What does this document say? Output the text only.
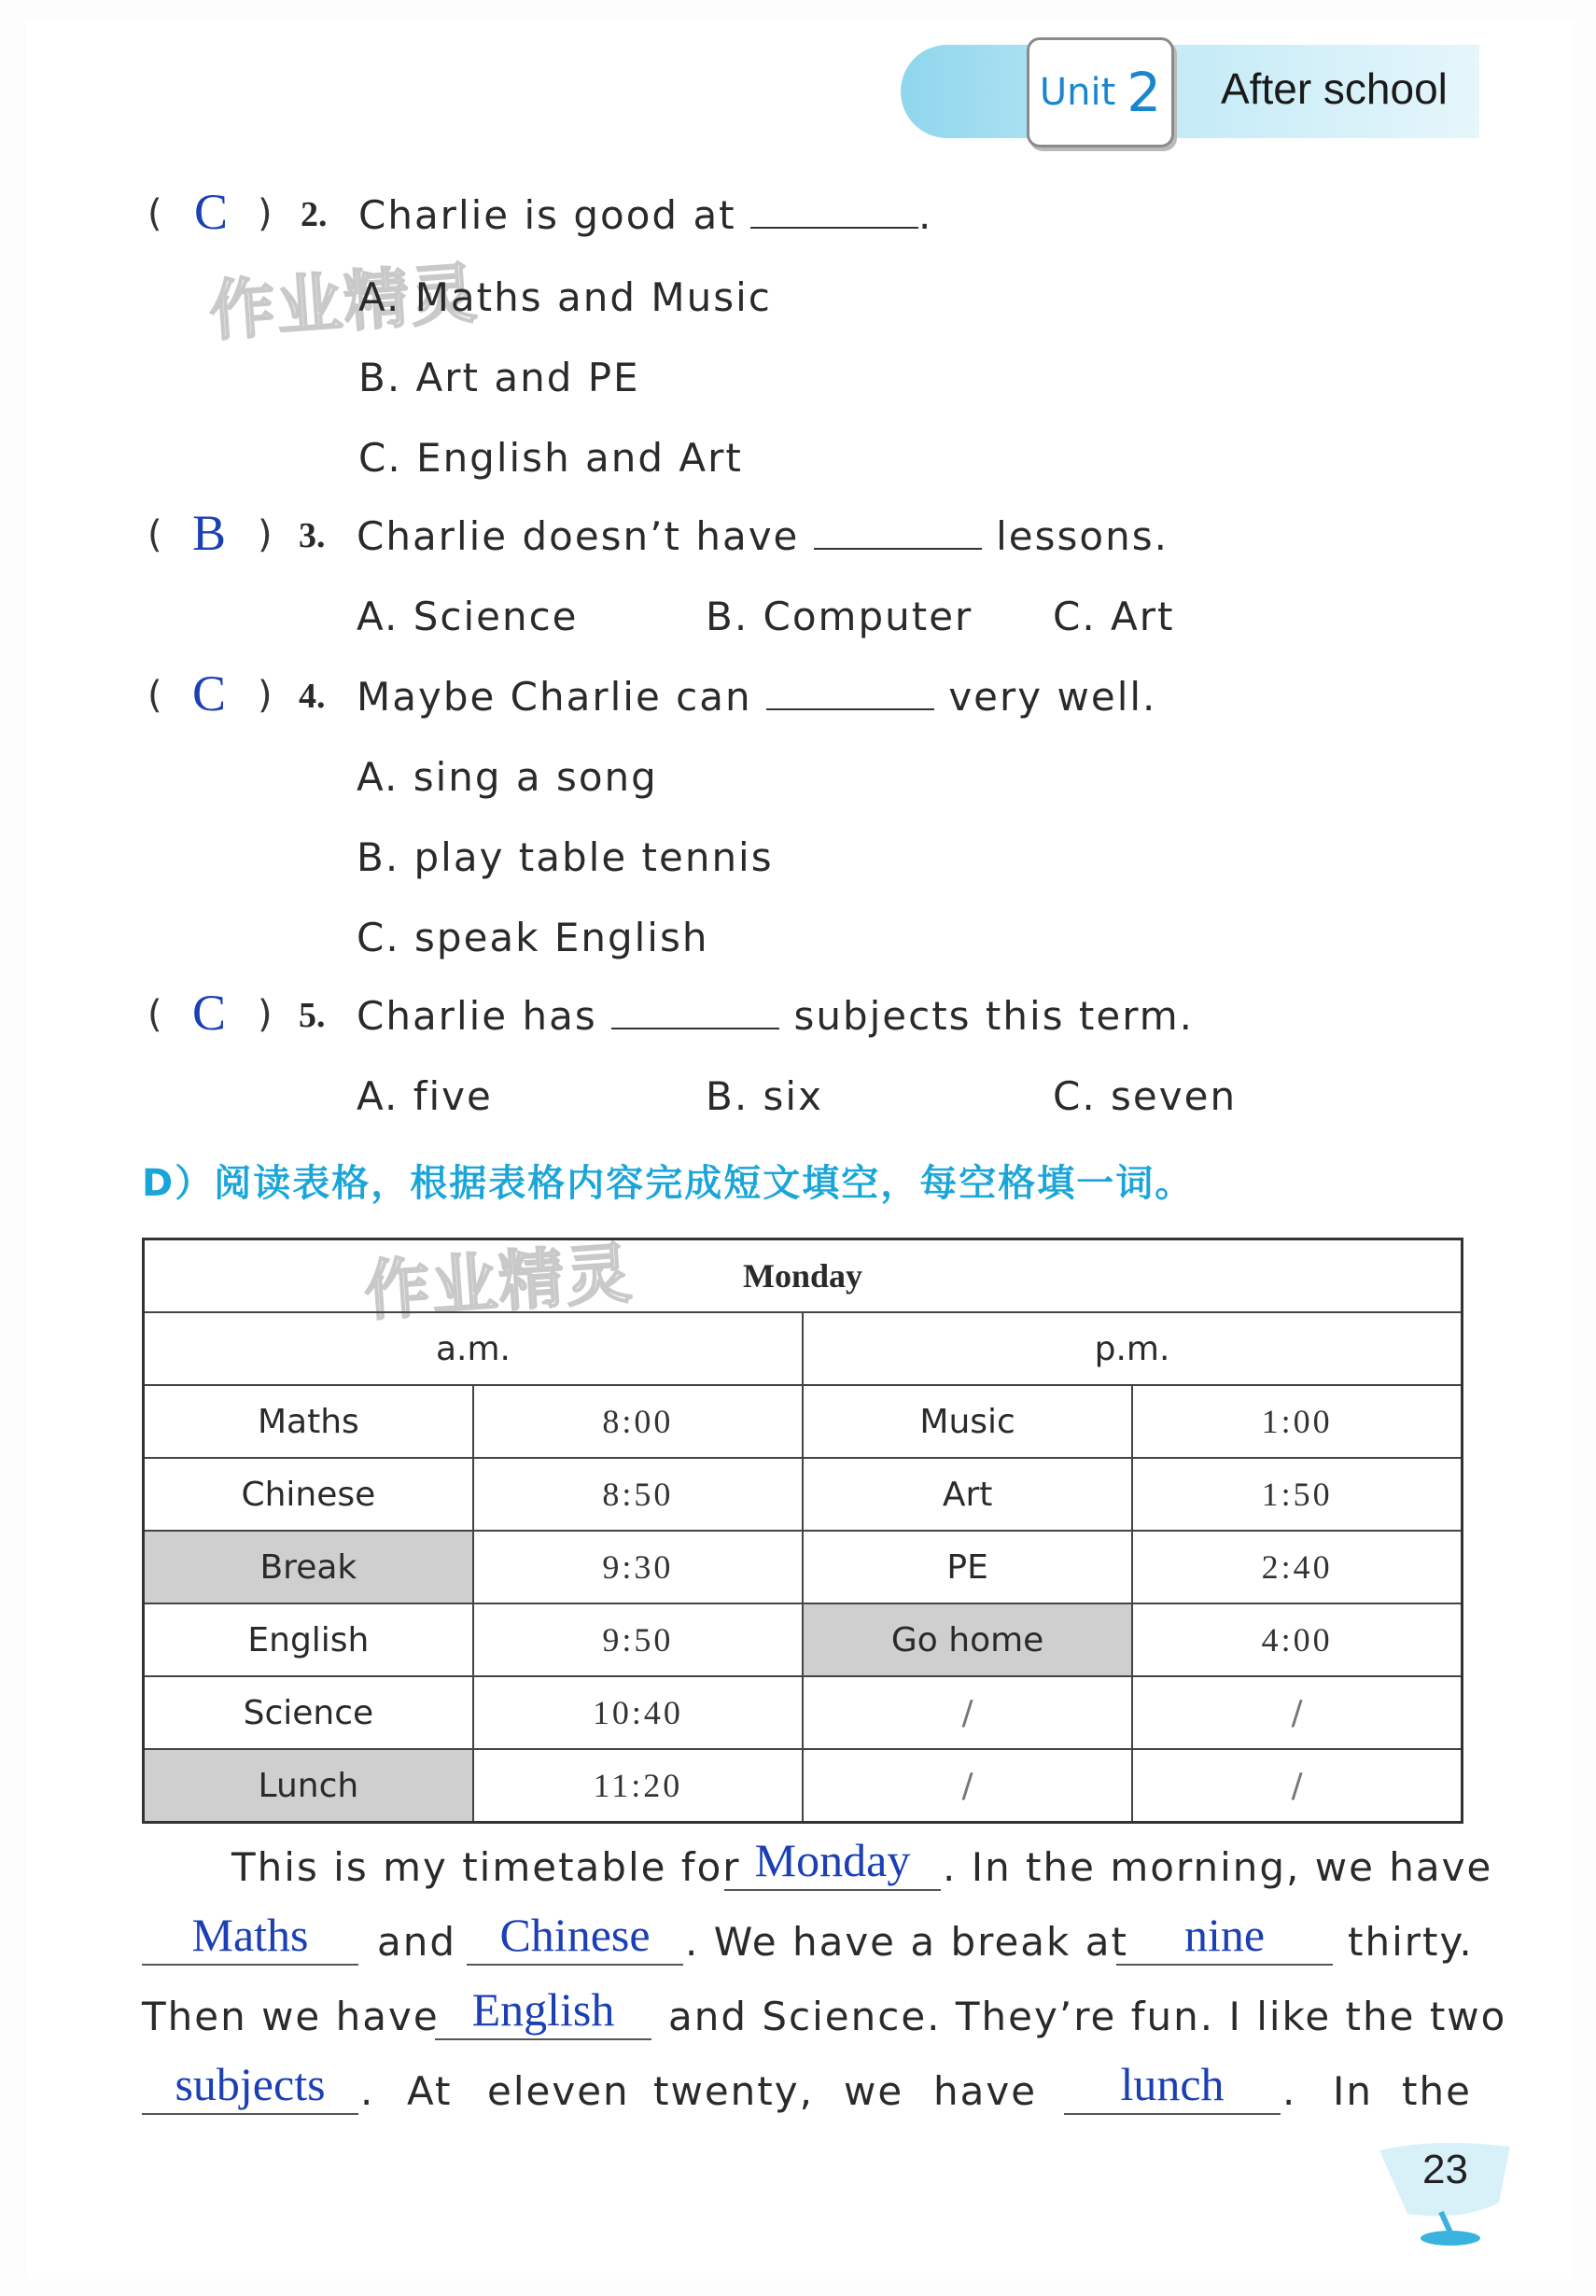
Unit 2 After school
作业精灵
作业精灵
( C ) 2. Charlie is good at	.
A. Maths and Music
B. Art and PE
C. English and Art
( B ) 3. Charlie doesn’t have	lessons.
A. Science	B. Computer C. Art
( C ) 4. Maybe Charlie can	very well.
A. sing a song
B. play table tennis
C. speak English
( C ) 5. Charlie has	subjects this term.
A. five	B. six	C. seven
D）阅读表格，根据表格内容完成短文填空，每空格填一词。
Monday			
a.m.		p.m.	
Maths	8:00	Music	1:00
Chinese	8:50	Art	1:50
Break	9:30	PE	2:40
English	9:50	Go home	4:00
Science	10:40	/	/
Lunch	11:20	/	/
This is my timetable for Monday . In the morning, we have
Maths	and Chinese . We have a break at	nine	thirty.
Then we have English	and Science. They’re fun. I like the two
subjects . At eleven twenty, we have	lunch	. In the
23
